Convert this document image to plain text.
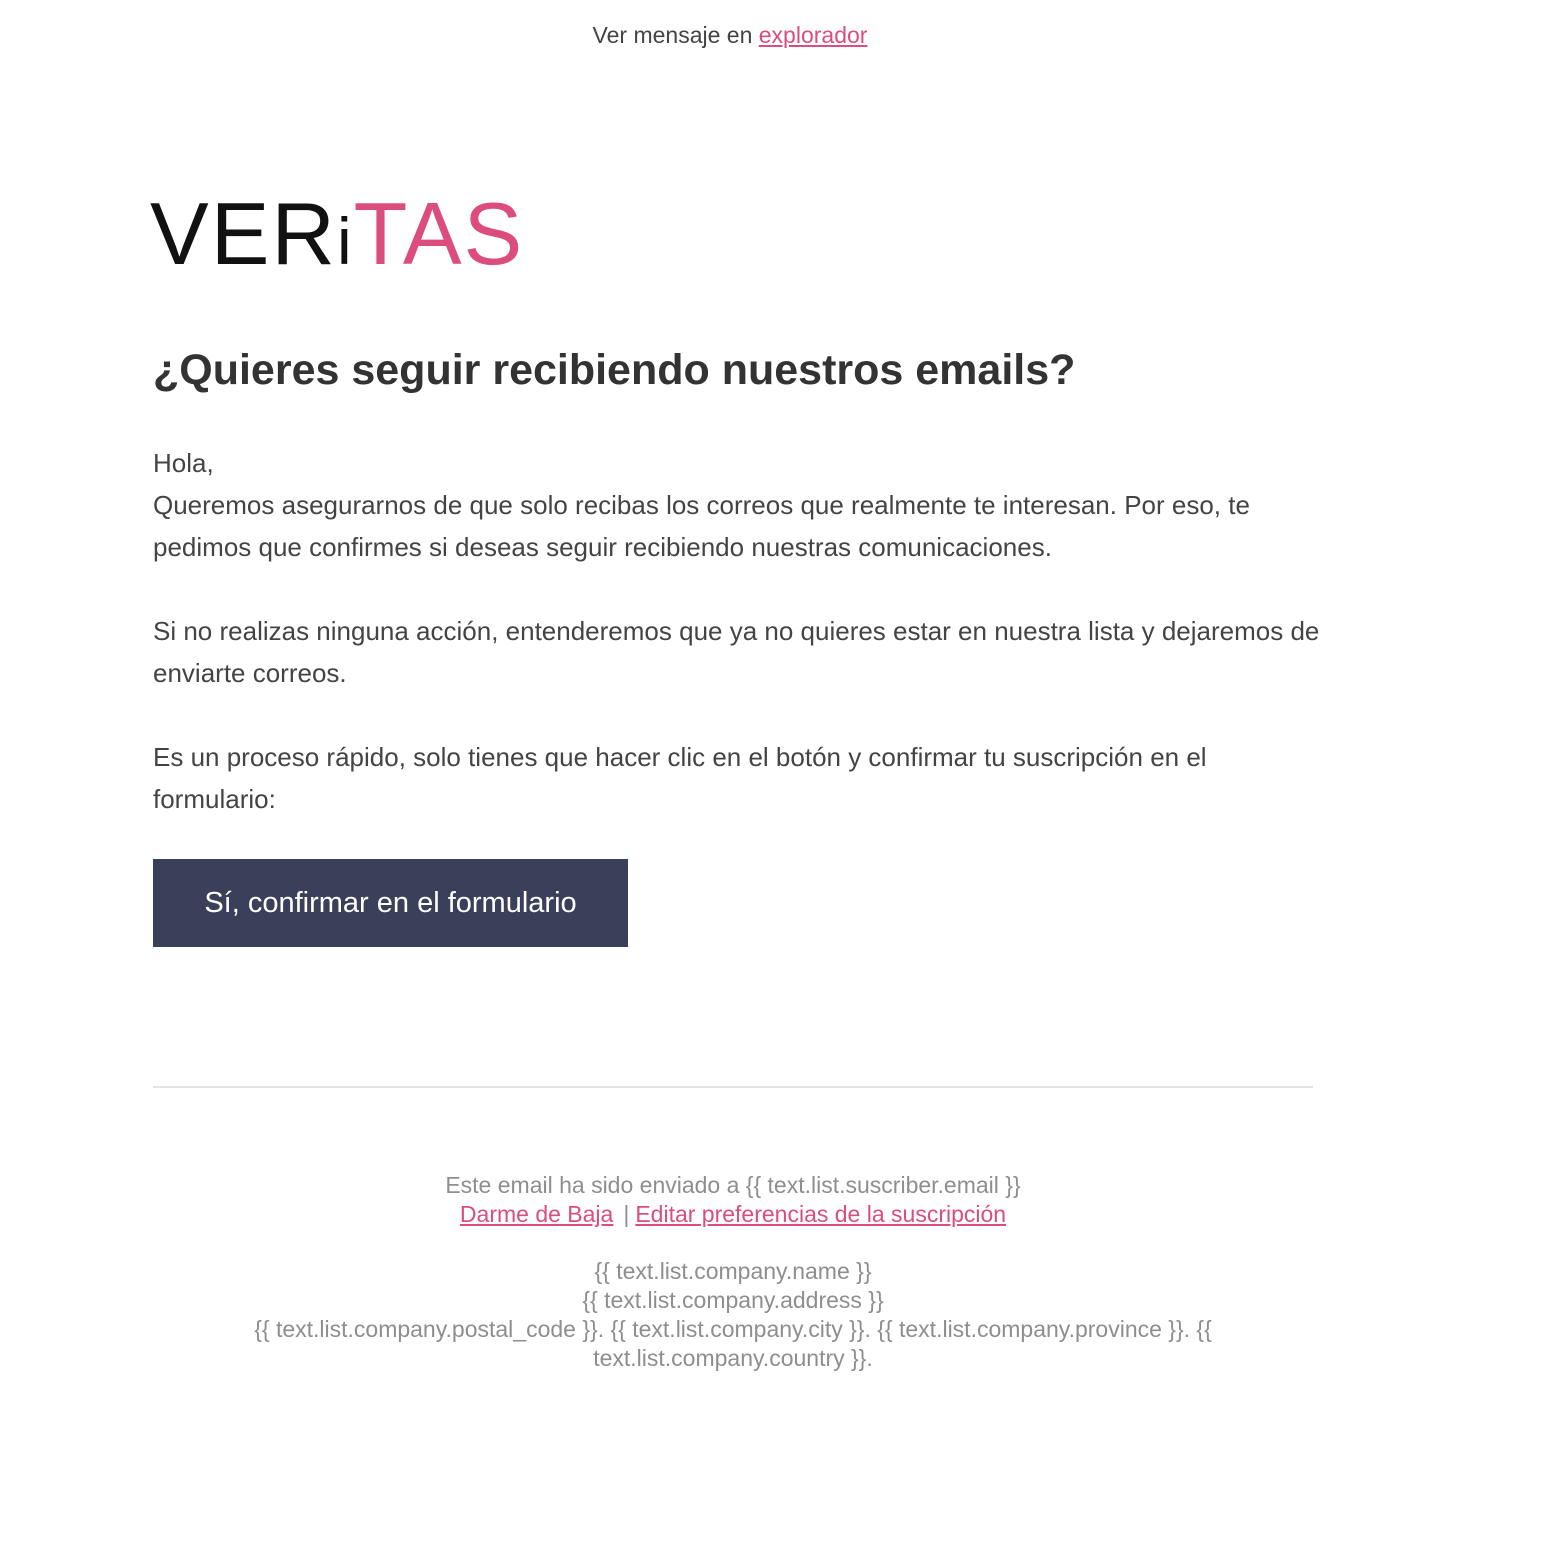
Ver mensaje en explorador
VERiTAS
¿Quieres seguir recibiendo nuestros emails?
Hola,
Queremos asegurarnos de que solo recibas los correos que realmente te interesan. Por eso, te pedimos que confirmes si deseas seguir recibiendo nuestras comunicaciones.

Si no realizas ninguna acción, entenderemos que ya no quieres estar en nuestra lista y dejaremos de enviarte correos.

Es un proceso rápido, solo tienes que hacer clic en el botón y confirmar tu suscripción en el formulario:

Sí, confirmar en el formulario
Este email ha sido enviado a {{ text.list.suscriber.email }}
Darme de Baja | Editar preferencias de la suscripción
{{ text.list.company.name }}
{{ text.list.company.address }}
{{ text.list.company.postal_code }}. {{ text.list.company.city }}. {{ text.list.company.province }}. {{
text.list.company.country }}.
